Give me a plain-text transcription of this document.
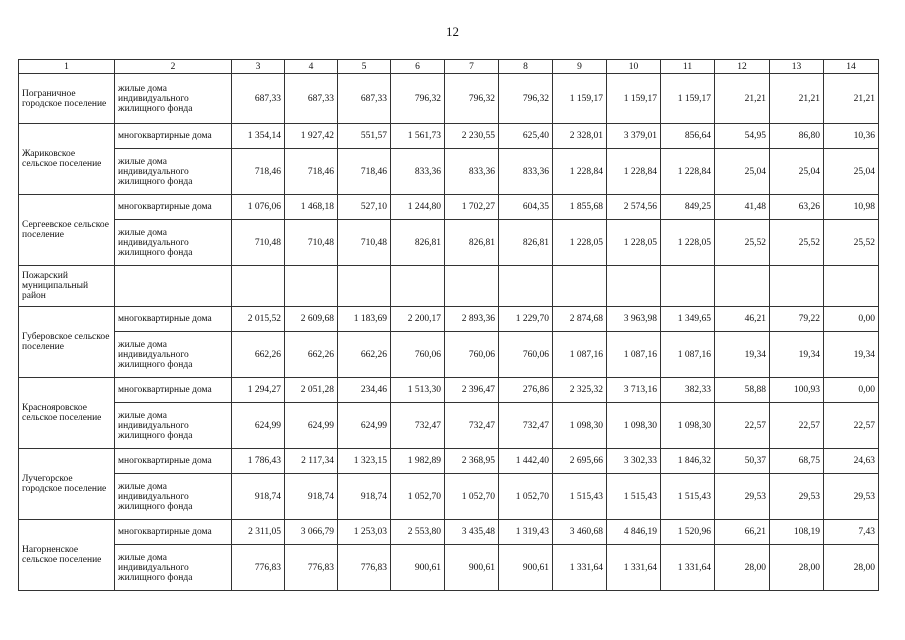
12
1	2	3	4	5	6	7	8	9	10	11	12	13	14
Пограничное городское поселение	жилые дома индивидуального жилищного фонда	687,33	687,33	687,33	796,32	796,32	796,32	1 159,17	1 159,17	1 159,17	21,21	21,21	21,21
Жариковское сельское поселение	многоквартирные дома	1 354,14	1 927,42	551,57	1 561,73	2 230,55	625,40	2 328,01	3 379,01	856,64	54,95	86,80	10,36
	жилые дома индивидуального жилищного фонда	718,46	718,46	718,46	833,36	833,36	833,36	1 228,84	1 228,84	1 228,84	25,04	25,04	25,04
Сергеевское сельское поселение	многоквартирные дома	1 076,06	1 468,18	527,10	1 244,80	1 702,27	604,35	1 855,68	2 574,56	849,25	41,48	63,26	10,98
	жилые дома индивидуального жилищного фонда	710,48	710,48	710,48	826,81	826,81	826,81	1 228,05	1 228,05	1 228,05	25,52	25,52	25,52
Пожарский муниципальный район													
Губеровское сельское поселение	многоквартирные дома	2 015,52	2 609,68	1 183,69	2 200,17	2 893,36	1 229,70	2 874,68	3 963,98	1 349,65	46,21	79,22	0,00
	жилые дома индивидуального жилищного фонда	662,26	662,26	662,26	760,06	760,06	760,06	1 087,16	1 087,16	1 087,16	19,34	19,34	19,34
Краснояровское сельское поселение	многоквартирные дома	1 294,27	2 051,28	234,46	1 513,30	2 396,47	276,86	2 325,32	3 713,16	382,33	58,88	100,93	0,00
	жилые дома индивидуального жилищного фонда	624,99	624,99	624,99	732,47	732,47	732,47	1 098,30	1 098,30	1 098,30	22,57	22,57	22,57
Лучегорское городское поселение	многоквартирные дома	1 786,43	2 117,34	1 323,15	1 982,89	2 368,95	1 442,40	2 695,66	3 302,33	1 846,32	50,37	68,75	24,63
	жилые дома индивидуального жилищного фонда	918,74	918,74	918,74	1 052,70	1 052,70	1 052,70	1 515,43	1 515,43	1 515,43	29,53	29,53	29,53
Нагорненское сельское поселение	многоквартирные дома	2 311,05	3 066,79	1 253,03	2 553,80	3 435,48	1 319,43	3 460,68	4 846,19	1 520,96	66,21	108,19	7,43
	жилые дома индивидуального жилищного фонда	776,83	776,83	776,83	900,61	900,61	900,61	1 331,64	1 331,64	1 331,64	28,00	28,00	28,00
